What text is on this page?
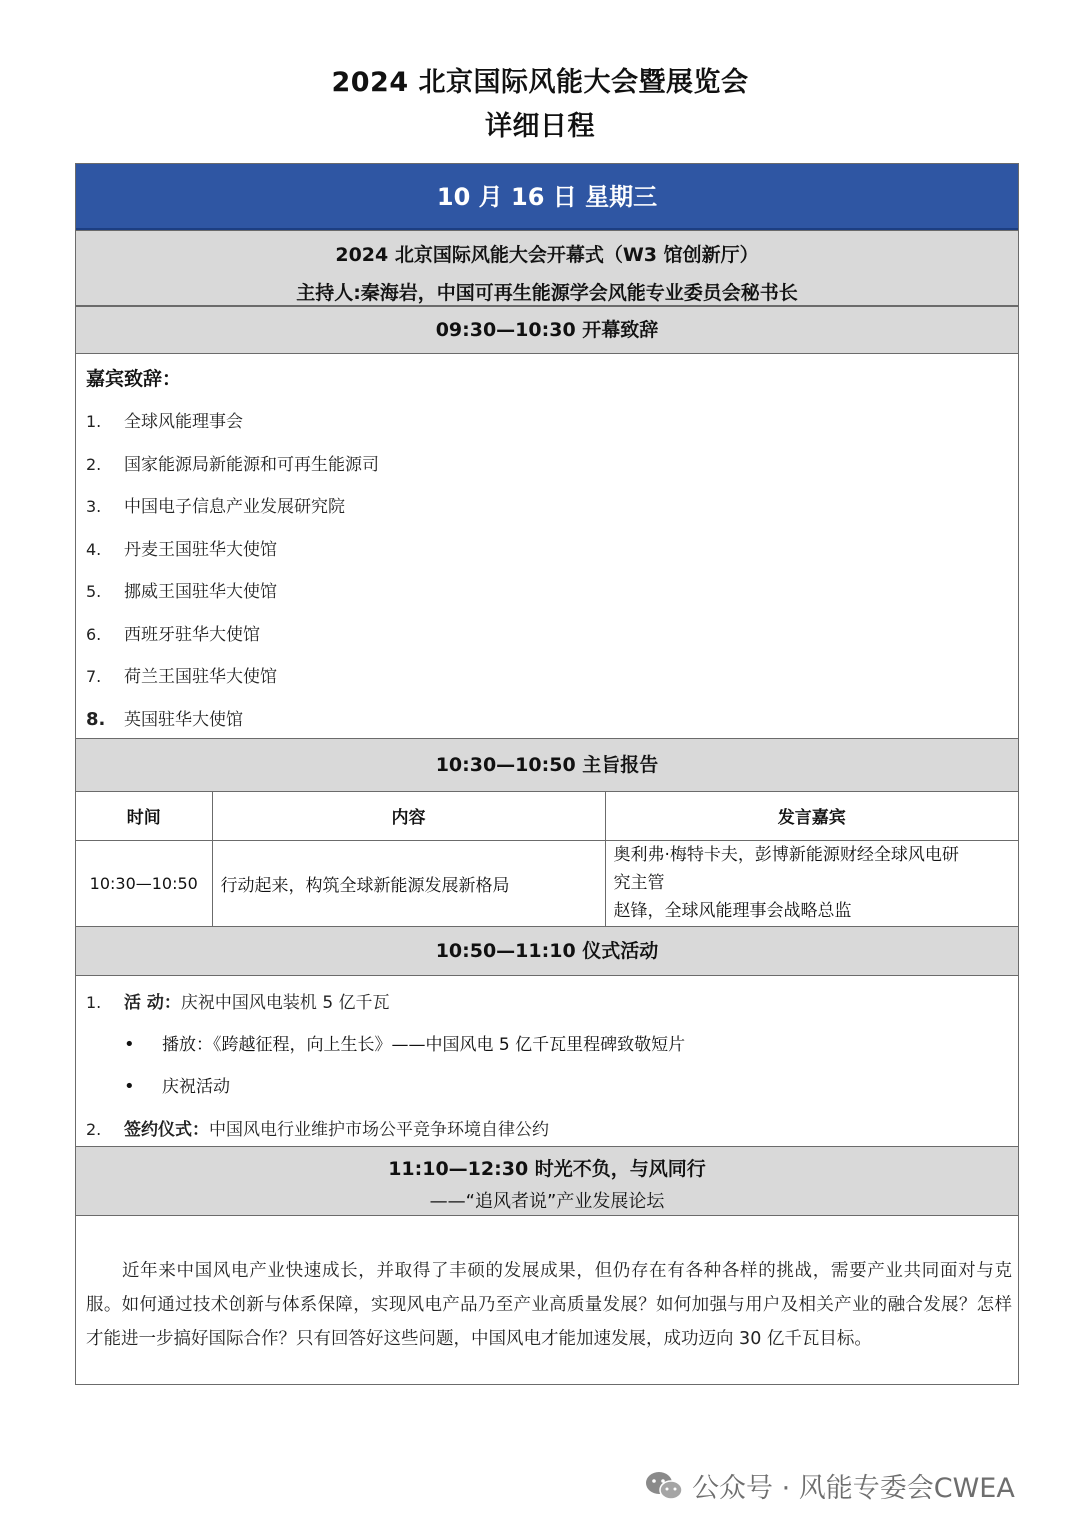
2024 北京国际风能大会暨展览会
详细日程
10 月 16 日 星期三
2024 北京国际风能大会开幕式（W3 馆创新厅）
主持人:秦海岩，中国可再生能源学会风能专业委员会秘书长
09:30—10:30 开幕致辞
嘉宾致辞：
1. 全球风能理事会
2. 国家能源局新能源和可再生能源司
3. 中国电子信息产业发展研究院
4. 丹麦王国驻华大使馆
5. 挪威王国驻华大使馆
6. 西班牙驻华大使馆
7. 荷兰王国驻华大使馆
8. 英国驻华大使馆
10:30—10:50 主旨报告
时间	内容	发言嘉宾
10:30—10:50	行动起来，构筑全球新能源发展新格局	奥利弗·梅特卡夫，彭博新能源财经全球风电研
究主管
赵锋，全球风能理事会战略总监
10:50—11:10 仪式活动
1. 活 动：庆祝中国风电装机 5 亿千瓦
• 播放：《跨越征程，向上生长》——中国风电 5 亿千瓦里程碑致敬短片
• 庆祝活动
2. 签约仪式：中国风电行业维护市场公平竞争环境自律公约
11:10—12:30 时光不负，与风同行
——“追风者说”产业发展论坛
近年来中国风电产业快速成长，并取得了丰硕的发展成果，但仍存在有各种各样的挑战，需要产业共同面对与克服。如何通过技术创新与体系保障，实现风电产品乃至产业高质量发展？如何加强与用户及相关产业的融合发展？怎样才能进一步搞好国际合作？只有回答好这些问题，中国风电才能加速发展，成功迈向 30 亿千瓦目标。
公众号 · 风能专委会CWEA
